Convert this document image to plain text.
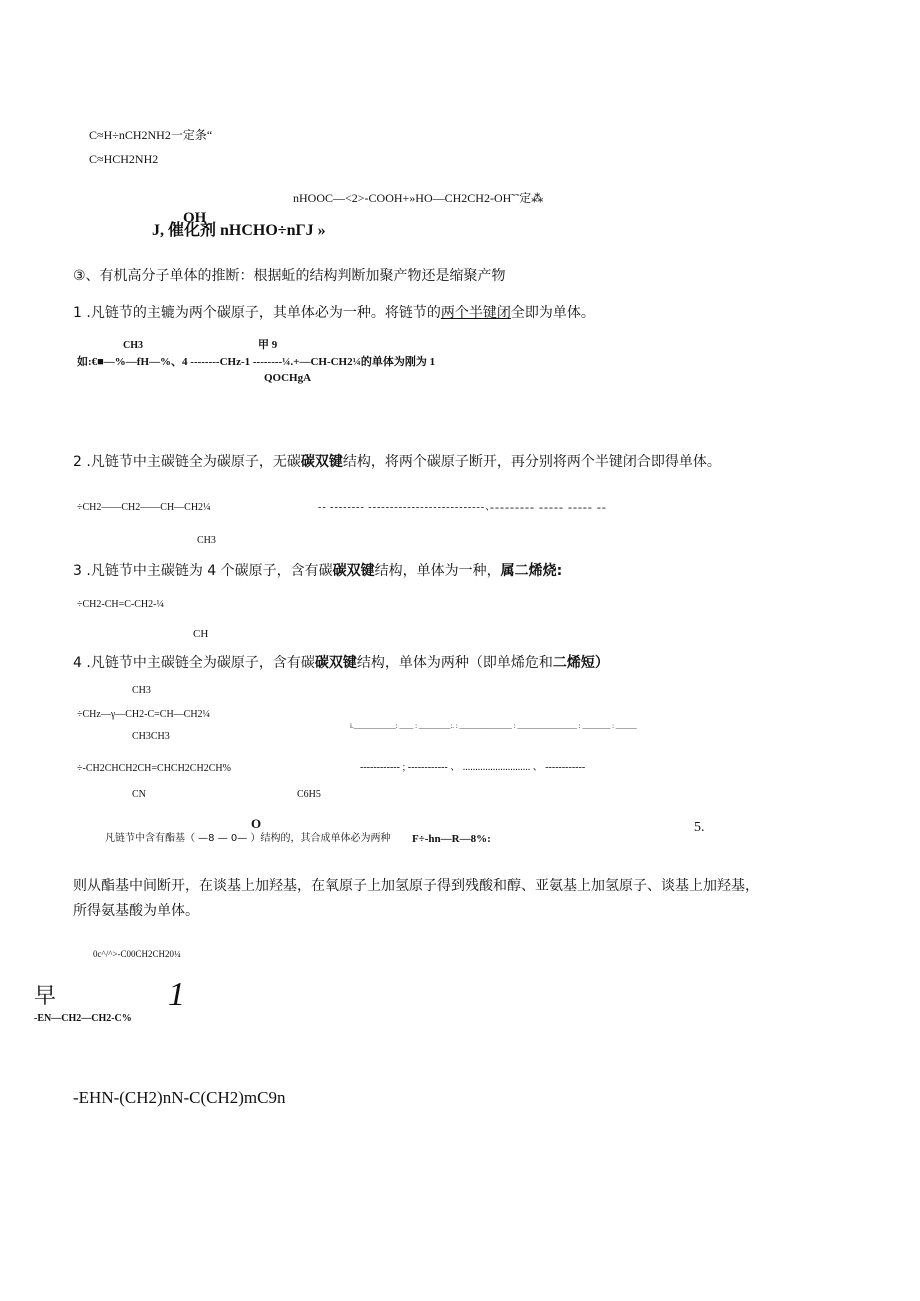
C≈H÷nCH2NH2一定条“
C≈HCH2NH2
nHOOC—<2>-COOH+»HO—CH2CH2-OH˜˜定⁂
OH
J, 催化剂 nHCHO÷nΓJ »
③、有机高分子单体的推断：根据蚯的结构判断加聚产物还是缩聚产物
1 .凡链节的主辘为两个碳原子，其单体必为一种。将链节的两个半键闭全即为单体。
CH3	甲 9
如:€■—%—fH—%、4 --------CHz-1 --------¼.+—CH-CH2¼的单体为刚为 1
QOCHgA
2 .凡链节中主碳链全为碳原子，无碳碳双键结构，将两个碳原子断开，再分别将两个半键闭合即得单体。
÷CH2——CH2——CH—CH2¼	-- -------- ---------------------------、
--------- ----- ----- --
CH3
3 .凡链节中主碳链为 4 个碳原子，含有碳碳双键结构，单体为一种，属二烯烧:
÷CH2-CH=C-CH2-¼
CH
4 .凡链节中主碳链全为碳原子，含有碳碳双键结构，单体为两种（即单烯危和二烯短）
CH3
÷CHz—γ—CH2-C=CH—CH2¼
i.____________: ____ : _________:. : _______________ : _________________ : ________ : ______
CH3CH3
÷-CH2CHCH2CH=CHCH2CH2CH%	------------ ; ------------ 、 ........................... 、 ------------
CN	C6H5
O
凡链节中含有酯基（ —8 — 0— ）结构的，其合成单体必为两种 F÷-hn—R—8%:
5.
则从酯基中间断开，在谈基上加羟基，在氧原子上加氢原子得到残酸和醇、亚氨基上加氢原子、谈基上加羟基，
所得氨基酸为单体。
0c^/^>-C00CH2CH20¼
早	1
-EN—CH2—CH2-C%
-EHN-(CH2)nN-C(CH2)mC9n
